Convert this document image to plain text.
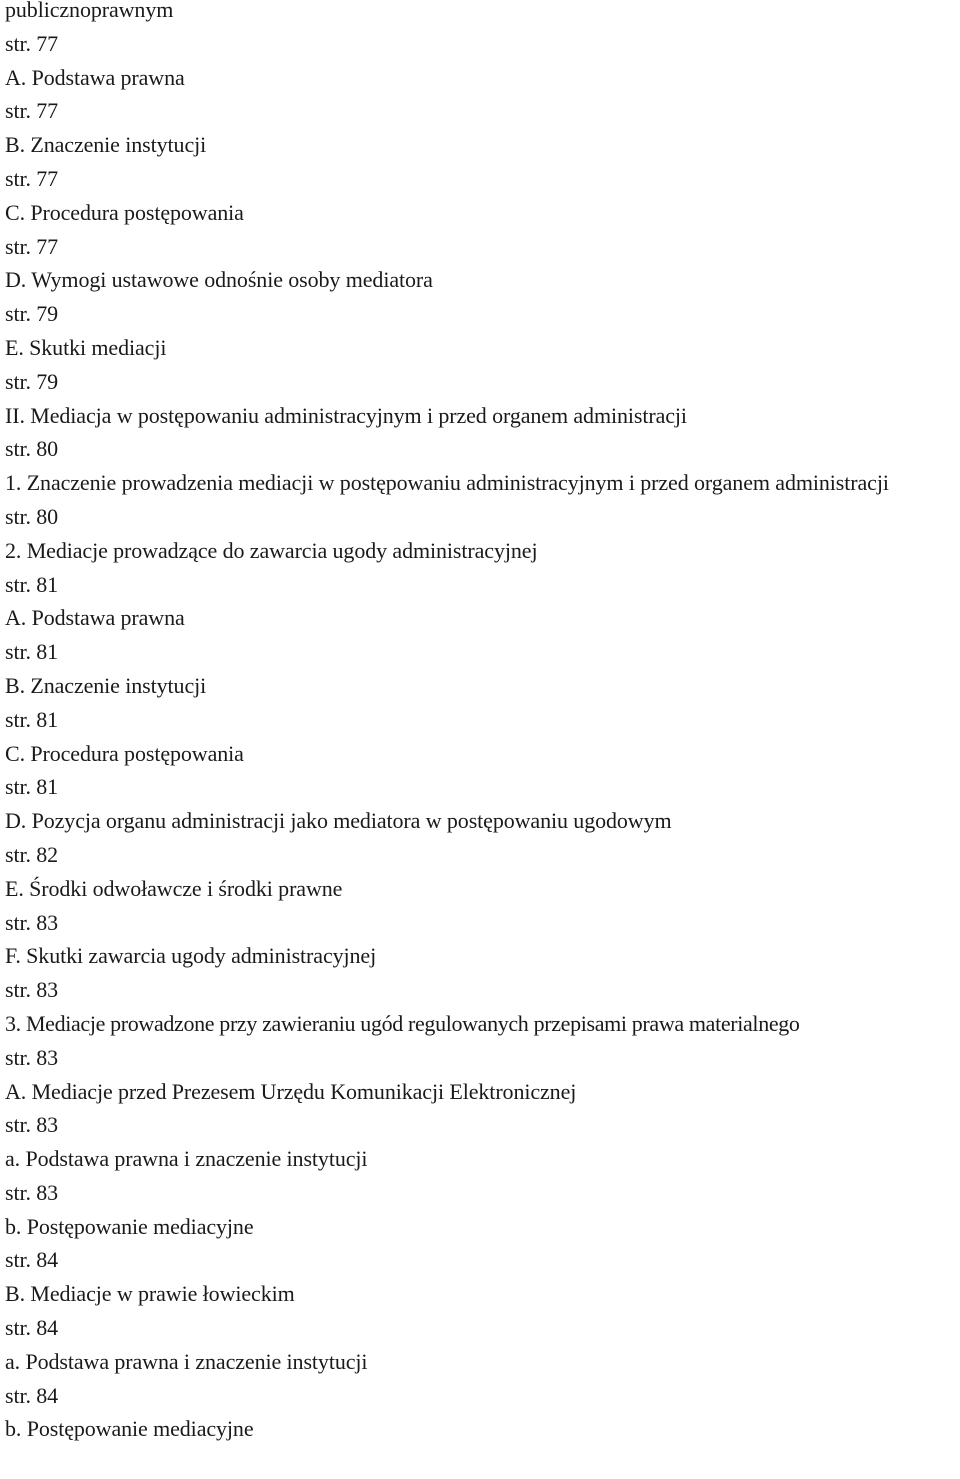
publicznoprawnym
str. 77
A. Podstawa prawna
str. 77
B. Znaczenie instytucji
str. 77
C. Procedura postępowania
str. 77
D. Wymogi ustawowe odnośnie osoby mediatora
str. 79
E. Skutki mediacji
str. 79
II. Mediacja w postępowaniu administracyjnym i przed organem administracji
str. 80
1. Znaczenie prowadzenia mediacji w postępowaniu administracyjnym i przed organem administracji
str. 80
2. Mediacje prowadzące do zawarcia ugody administracyjnej
str. 81
A. Podstawa prawna
str. 81
B. Znaczenie instytucji
str. 81
C. Procedura postępowania
str. 81
D. Pozycja organu administracji jako mediatora w postępowaniu ugodowym
str. 82
E. Środki odwoławcze i środki prawne
str. 83
F. Skutki zawarcia ugody administracyjnej
str. 83
3. Mediacje prowadzone przy zawieraniu ugód regulowanych przepisami prawa materialnego
str. 83
A. Mediacje przed Prezesem Urzędu Komunikacji Elektronicznej
str. 83
a. Podstawa prawna i znaczenie instytucji
str. 83
b. Postępowanie mediacyjne
str. 84
B. Mediacje w prawie łowieckim
str. 84
a. Podstawa prawna i znaczenie instytucji
str. 84
b. Postępowanie mediacyjne
